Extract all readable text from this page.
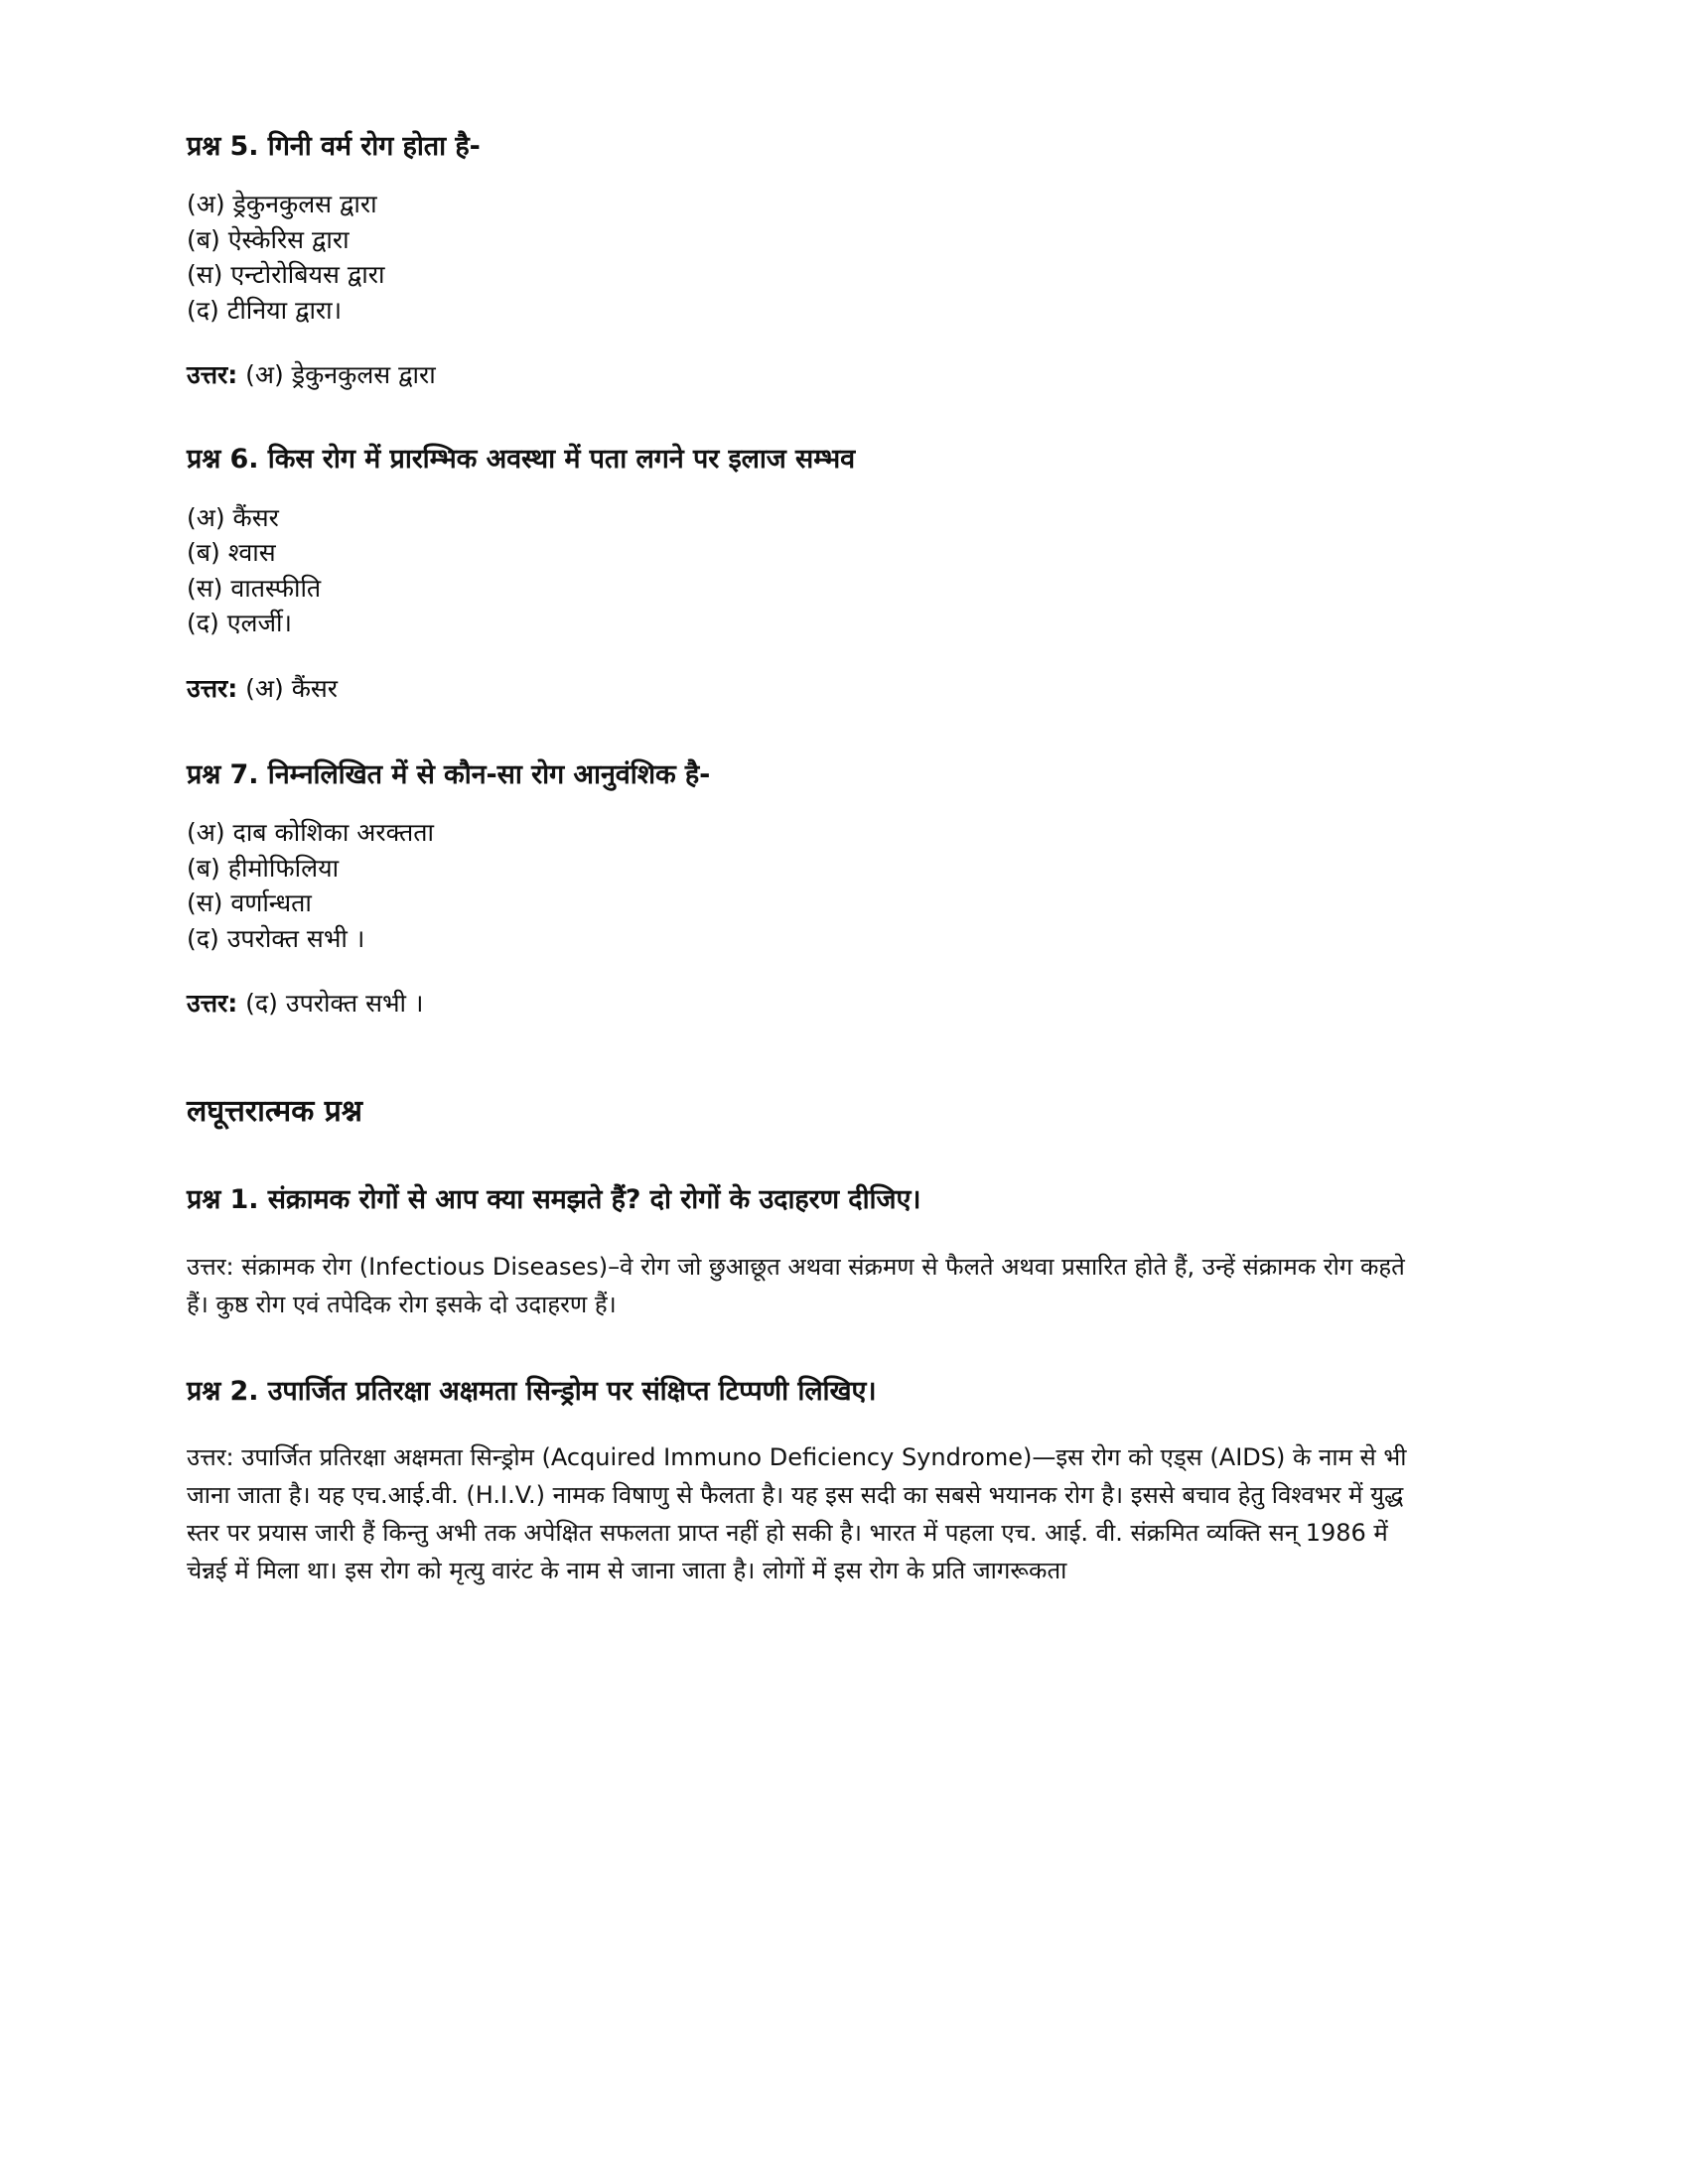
प्रश्न 5. गिनी वर्म रोग होता है-
(अ) ड्रेकुनकुलस द्वारा
(ब) ऐस्केरिस द्वारा
(स) एन्टोरोबियस द्वारा
(द) टीनिया द्वारा।

उत्तर: (अ) ड्रेकुनकुलस द्वारा

प्रश्न 6. किस रोग में प्रारम्भिक अवस्था में पता लगने पर इलाज सम्भव
(अ) कैंसर
(ब) श्वास
(स) वातस्फीति
(द) एलर्जी।

उत्तर: (अ) कैंसर

प्रश्न 7. निम्नलिखित में से कौन-सा रोग आनुवंशिक है-
(अ) दाब कोशिका अरक्तता
(ब) हीमोफिलिया
(स) वर्णान्धता
(द) उपरोक्त सभी ।

उत्तर: (द) उपरोक्त सभी ।

लघूत्तरात्मक प्रश्न
प्रश्न 1. संक्रामक रोगों से आप क्या समझते हैं? दो रोगों के उदाहरण दीजिए।

उत्तर: संक्रामक रोग (Infectious Diseases)–वे रोग जो छुआछूत अथवा संक्रमण से फैलते अथवा प्रसारित होते हैं, उन्हें संक्रामक रोग कहते हैं। कुष्ठ रोग एवं तपेदिक रोग इसके दो उदाहरण हैं।

प्रश्न 2. उपार्जित प्रतिरक्षा अक्षमता सिन्ड्रोम पर संक्षिप्त टिप्पणी लिखिए।

उत्तर: उपार्जित प्रतिरक्षा अक्षमता सिन्ड्रोम (Acquired Immuno Deficiency Syndrome)—इस रोग को एड्स (AIDS) के नाम से भी जाना जाता है। यह एच.आई.वी. (H.I.V.) नामक विषाणु से फैलता है। यह इस सदी का सबसे भयानक रोग है। इससे बचाव हेतु विश्वभर में युद्ध स्तर पर प्रयास जारी हैं किन्तु अभी तक अपेक्षित सफलता प्राप्त नहीं हो सकी है। भारत में पहला एच. आई. वी. संक्रमित व्यक्ति सन् 1986 में चेन्नई में मिला था। इस रोग को मृत्यु वारंट के नाम से जाना जाता है। लोगों में इस रोग के प्रति जागरूकता
